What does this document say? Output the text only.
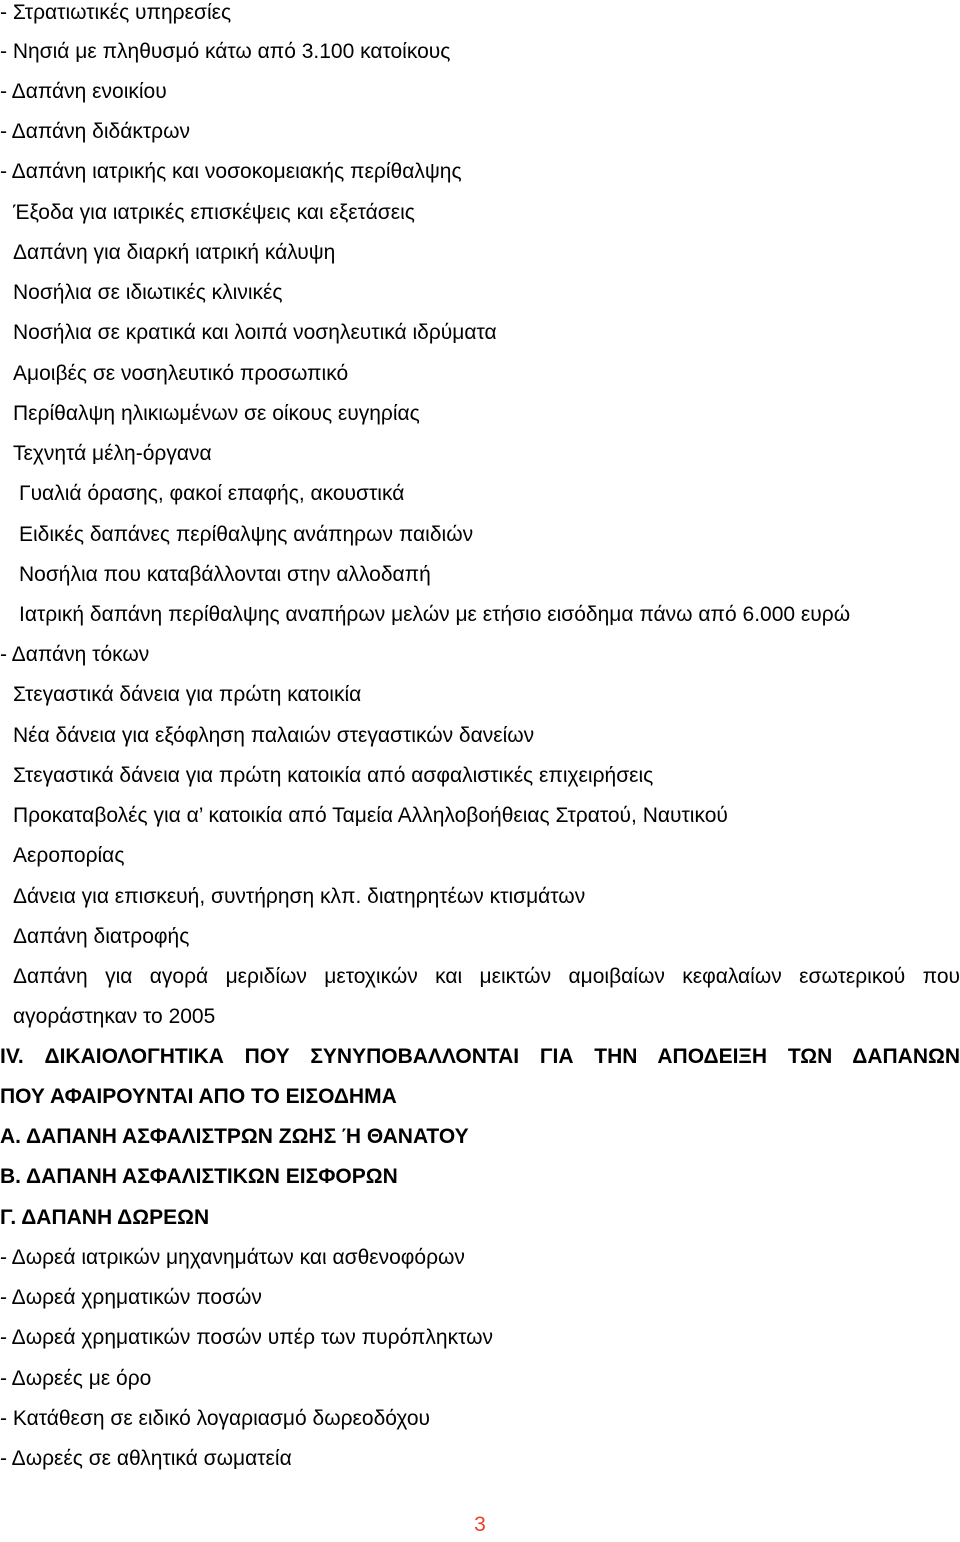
- Στρατιωτικές υπηρεσίες
- Νησιά με πληθυσμό κάτω από 3.100 κατοίκους
- Δαπάνη ενοικίου
- Δαπάνη διδάκτρων
- Δαπάνη ιατρικής και νοσοκομειακής περίθαλψης
Έξοδα για ιατρικές επισκέψεις και εξετάσεις
Δαπάνη για διαρκή ιατρική κάλυψη
Νοσήλια σε ιδιωτικές κλινικές
Νοσήλια σε κρατικά και λοιπά νοσηλευτικά ιδρύματα
Αμοιβές σε νοσηλευτικό προσωπικό
Περίθαλψη ηλικιωμένων σε οίκους ευγηρίας
Τεχνητά μέλη-όργανα
Γυαλιά όρασης, φακοί επαφής, ακουστικά
Ειδικές δαπάνες περίθαλψης ανάπηρων παιδιών
Νοσήλια που καταβάλλονται στην αλλοδαπή
Ιατρική δαπάνη περίθαλψης αναπήρων μελών με ετήσιο εισόδημα πάνω από 6.000 ευρώ
- Δαπάνη τόκων
Στεγαστικά δάνεια για πρώτη κατοικία
Νέα δάνεια για εξόφληση παλαιών στεγαστικών δανείων
Στεγαστικά δάνεια για πρώτη κατοικία από ασφαλιστικές επιχειρήσεις
Προκαταβολές για α’ κατοικία από Ταμεία Αλληλοβοήθειας Στρατού, Ναυτικού
Αεροπορίας
Δάνεια για επισκευή, συντήρηση κλπ. διατηρητέων κτισμάτων
Δαπάνη διατροφής
Δαπάνη για αγορά μεριδίων μετοχικών και μεικτών αμοιβαίων κεφαλαίων εσωτερικού που
αγοράστηκαν το 2005
IV. ΔΙΚΑΙΟΛΟΓΗΤΙΚΑ ΠΟΥ ΣΥΝΥΠΟΒΑΛΛΟΝΤΑΙ ΓΙΑ ΤΗΝ ΑΠΟΔΕΙΞΗ ΤΩΝ ΔΑΠΑΝΩΝ
ΠΟΥ ΑΦΑΙΡΟΥΝΤΑΙ ΑΠΟ ΤΟ ΕΙΣΟΔΗΜΑ
Α. ΔΑΠΑΝΗ ΑΣΦΑΛΙΣΤΡΩΝ ΖΩΗΣ Ή ΘΑΝΑΤΟΥ
Β. ΔΑΠΑΝΗ ΑΣΦΑΛΙΣΤΙΚΩΝ ΕΙΣΦΟΡΩΝ
Γ. ΔΑΠΑΝΗ ΔΩΡΕΩΝ
- Δωρεά ιατρικών μηχανημάτων και ασθενοφόρων
- Δωρεά χρηματικών ποσών
- Δωρεά χρηματικών ποσών υπέρ των πυρόπληκτων
- Δωρεές με όρο
- Κατάθεση σε ειδικό λογαριασμό δωρεοδόχου
- Δωρεές σε αθλητικά σωματεία
3
